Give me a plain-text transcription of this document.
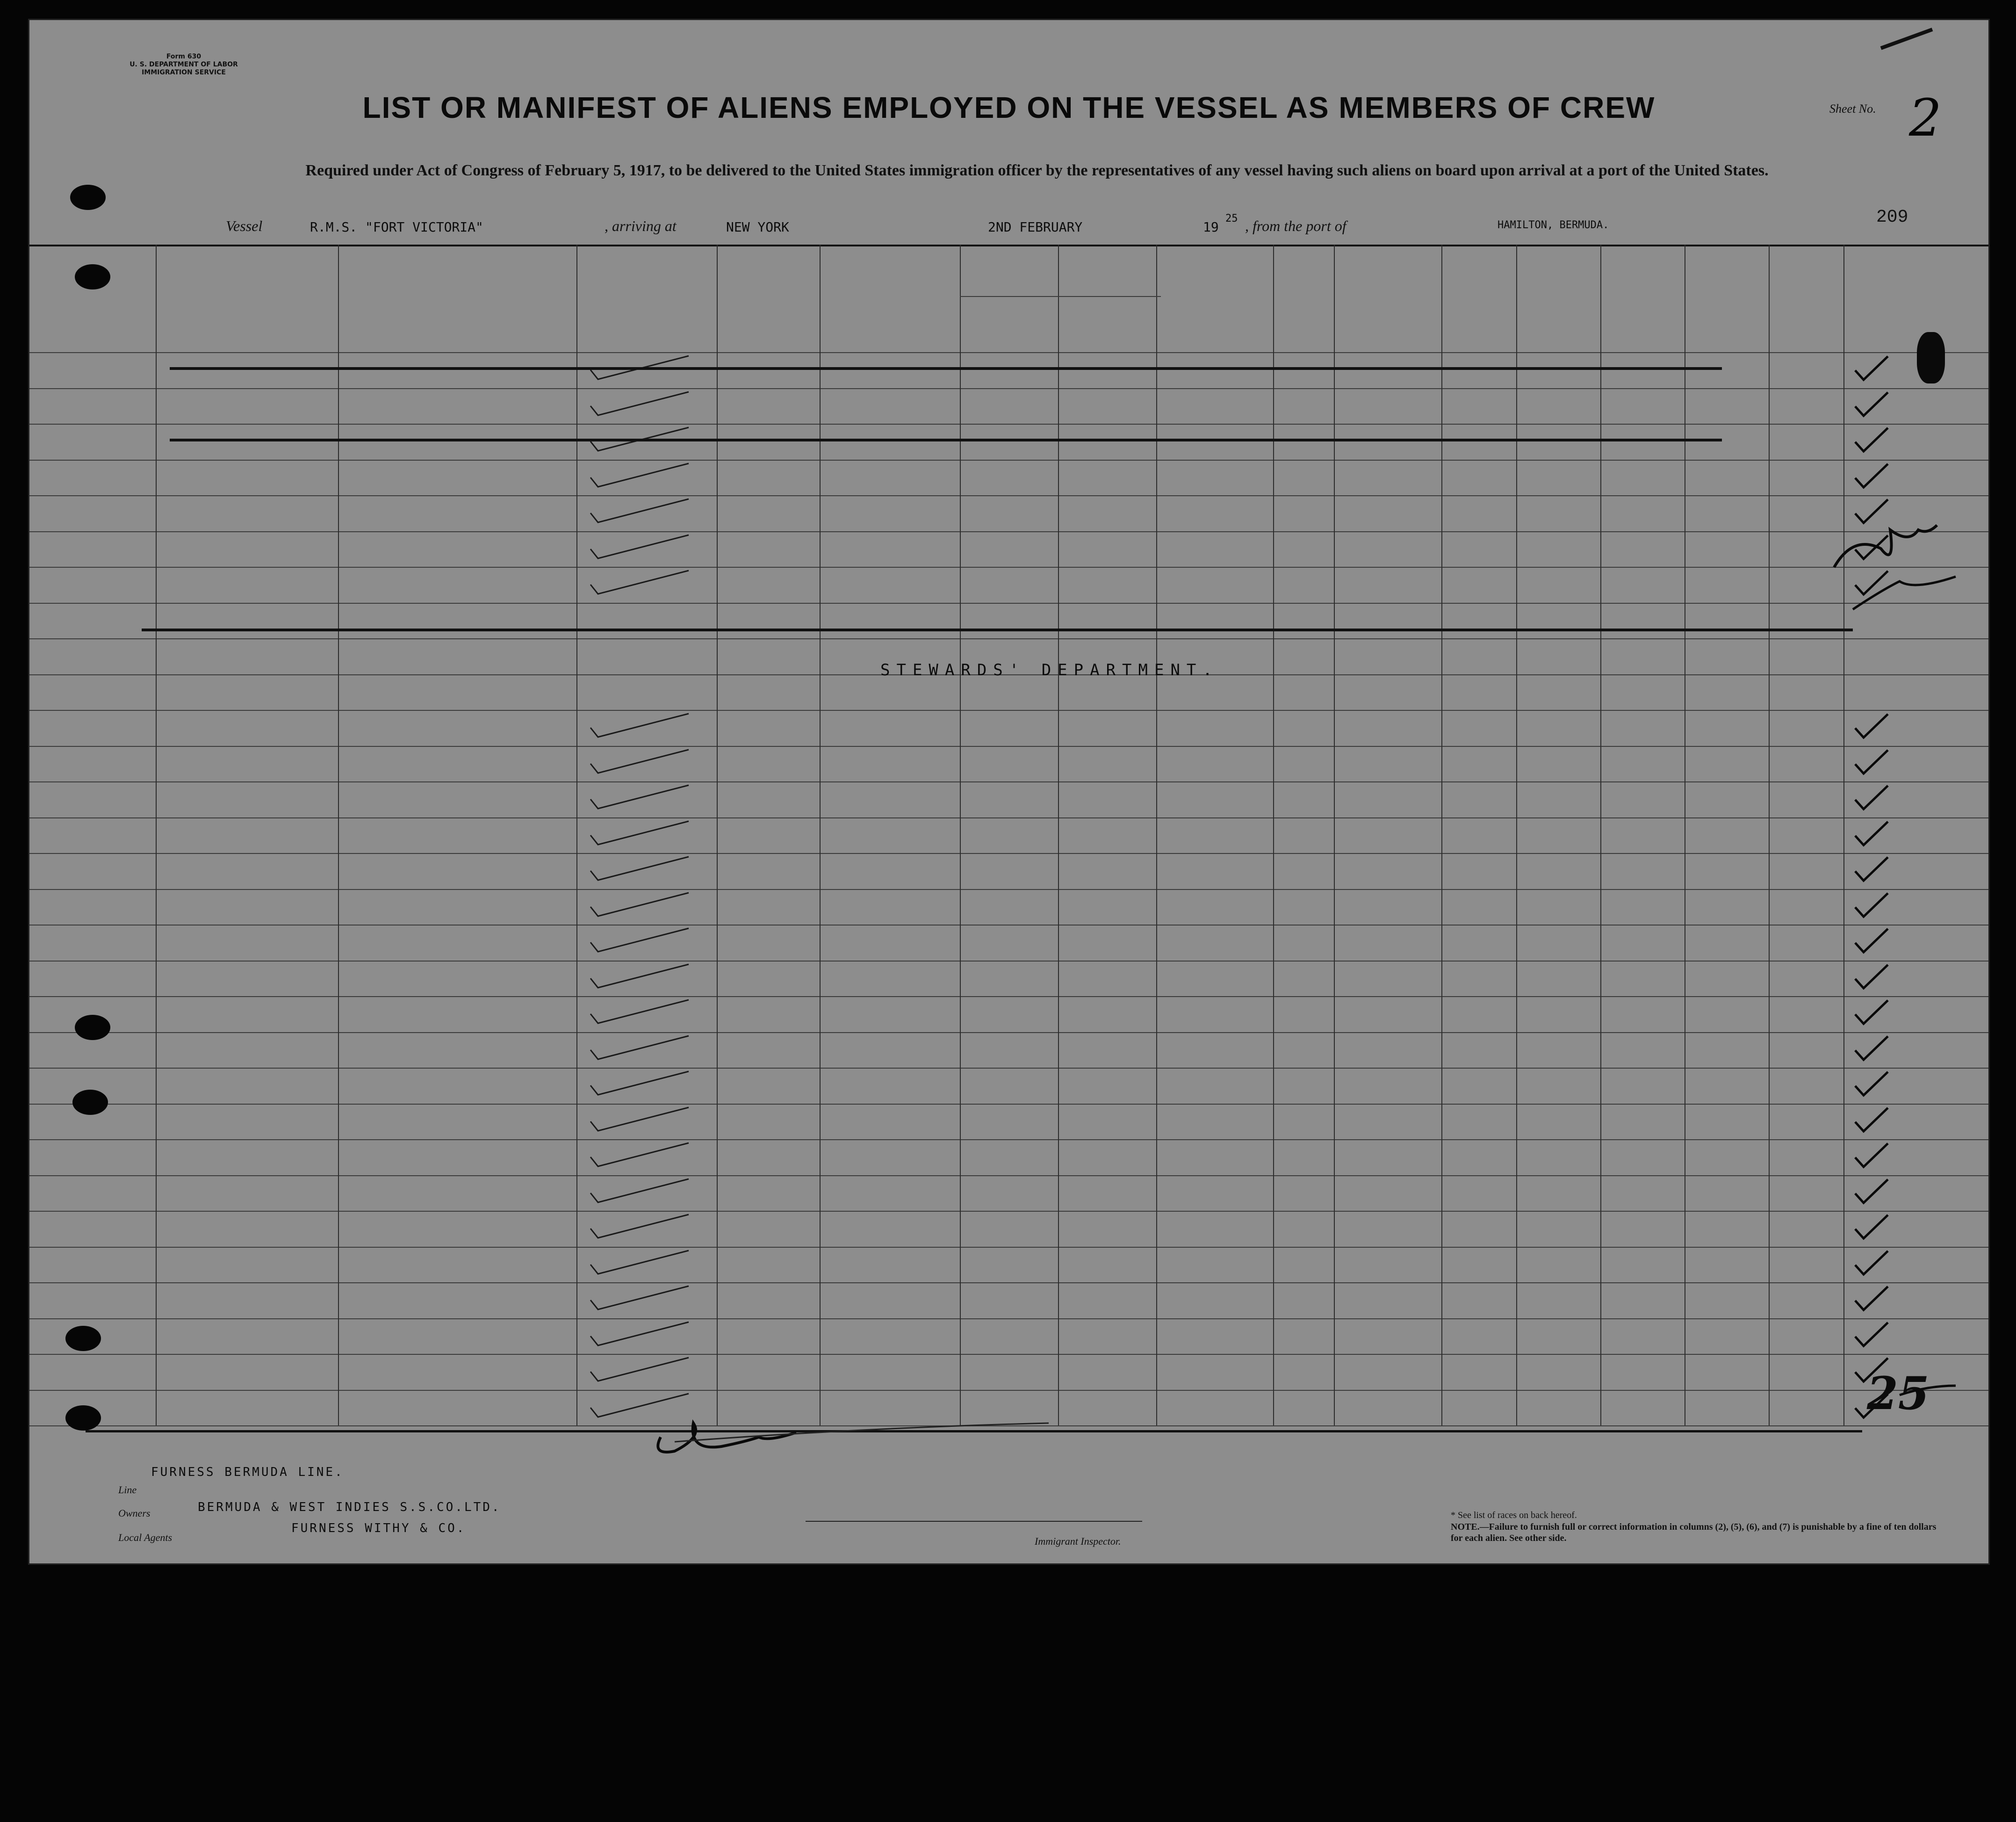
Form 630
U. S. DEPARTMENT OF LABOR
IMMIGRATION SERVICE
LIST OR MANIFEST OF ALIENS EMPLOYED ON THE VESSEL AS MEMBERS OF CREW	Sheet No. 2
Required under Act of Congress of February 5, 1917, to be delivered to the United States immigration officer by the representatives of any vessel having such aliens on board upon arrival at a port of the United States.
209
Vessel	R.M.S. "FORT VICTORIA"	, arriving at	NEW YORK	2ND FEBRUARY	19
25 , from the port of	HAMILTON, BERMUDA.
STEWARDS' DEPARTMENT.
25
Line
FURNESS BERMUDA LINE.
Owners	BERMUDA & WEST INDIES S.S.CO.LTD.
Local Agents
FURNESS WITHY & CO.
Immigrant Inspector.
* See list of races on back hereof.
NOTE.—Failure to furnish full or correct information in columns (2), (5), (6), and (7) is punishable by a fine of ten dollars for each alien. See other side.
